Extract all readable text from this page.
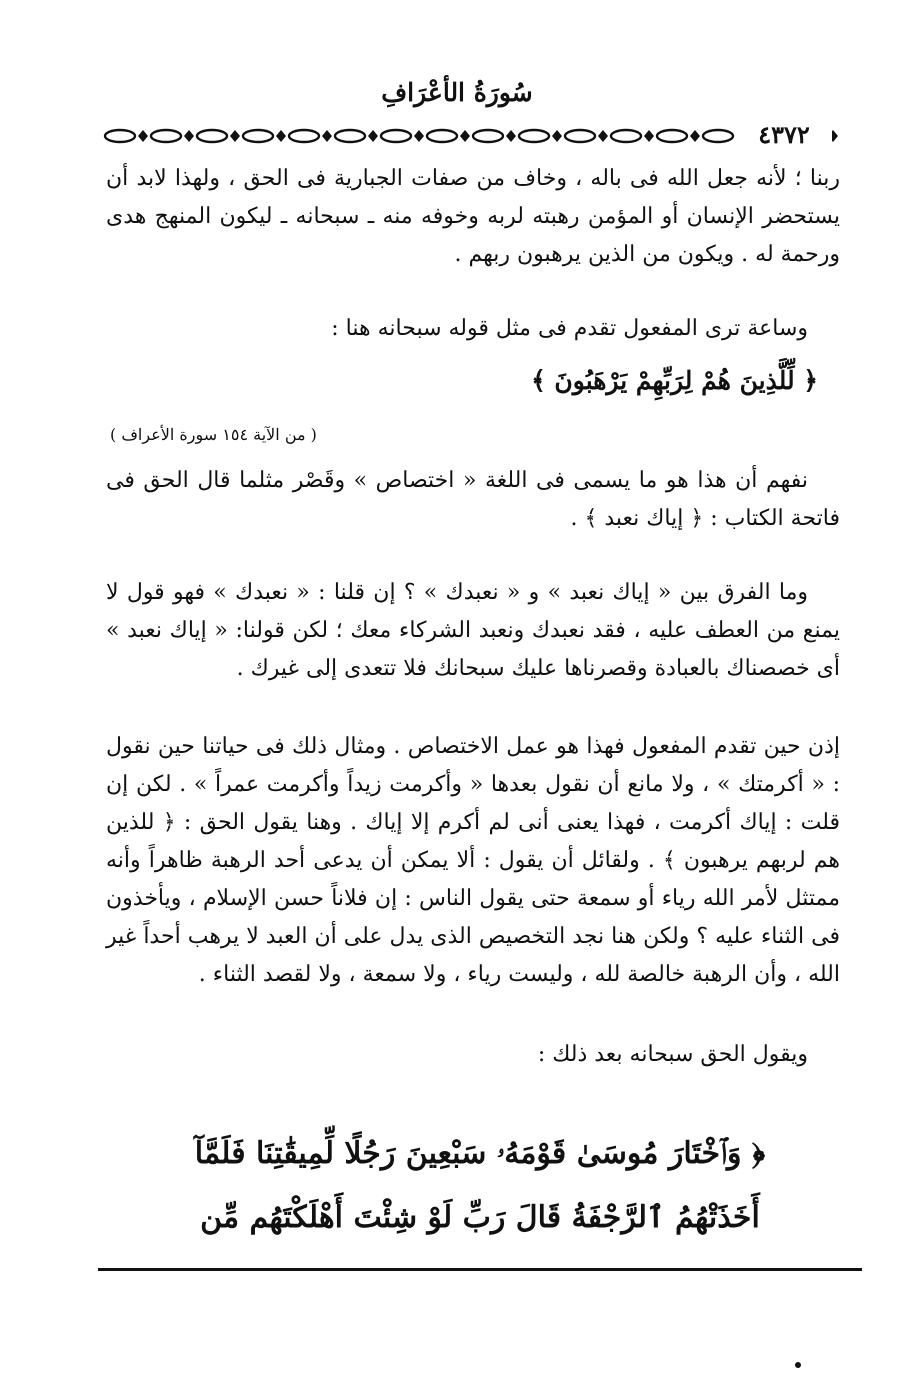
سُورَةُ الأعْرَافِ
٤٣٧٢

ربنا ؛ لأنه جعل الله فى باله ، وخاف من صفات الجبارية فى الحق ، ولهذا لابد أن يستحضر الإنسان أو المؤمن رهبته لربه وخوفه منه ـ سبحانه ـ ليكون المنهج هدى ورحمة له . ويكون من الذين يرهبون ربهم .

وساعة ترى المفعول تقدم فى مثل قوله سبحانه هنا :

﴿ لِّلَّذِينَ هُمْ لِرَبِّهِمْ يَرْهَبُونَ ﴾
( من الآية ١٥٤ سورة الأعراف )

نفهم أن هذا هو ما يسمى فى اللغة « اختصاص » وقَصْر مثلما قال الحق فى فاتحة الكتاب : ﴿ إياك نعبد ﴾ .

وما الفرق بين « إياك نعبد » و « نعبدك » ؟ إن قلنا : « نعبدك » فهو قول لا يمنع من العطف عليه ، فقد نعبدك ونعبد الشركاء معك ؛ لكن قولنا: « إياك نعبد » أى خصصناك بالعبادة وقصرناها عليك سبحانك فلا تتعدى إلى غيرك .

إذن حين تقدم المفعول فهذا هو عمل الاختصاص . ومثال ذلك فى حياتنا حين نقول : « أكرمتك » ، ولا مانع أن نقول بعدها « وأكرمت زيداً وأكرمت عمراً » . لكن إن قلت : إياك أكرمت ، فهذا يعنى أنى لم أكرم إلا إياك . وهنا يقول الحق : ﴿ للذين هم لربهم يرهبون ﴾ . ولقائل أن يقول : ألا يمكن أن يدعى أحد الرهبة ظاهراً وأنه ممتثل لأمر الله رياء أو سمعة حتى يقول الناس : إن فلاناً حسن الإسلام ، ويأخذون فى الثناء عليه ؟ ولكن هنا نجد التخصيص الذى يدل على أن العبد لا يرهب أحداً غير الله ، وأن الرهبة خالصة لله ، وليست رياء ، ولا سمعة ، ولا لقصد الثناء .

ويقول الحق سبحانه بعد ذلك :

﴿ وَٱخْتَارَ مُوسَىٰ قَوْمَهُۥ سَبْعِينَ رَجُلًا لِّمِيقَٰتِنَا فَلَمَّآ
أَخَذَتْهُمُ ٱلرَّجْفَةُ قَالَ رَبِّ لَوْ شِئْتَ أَهْلَكْتَهُم مِّن
